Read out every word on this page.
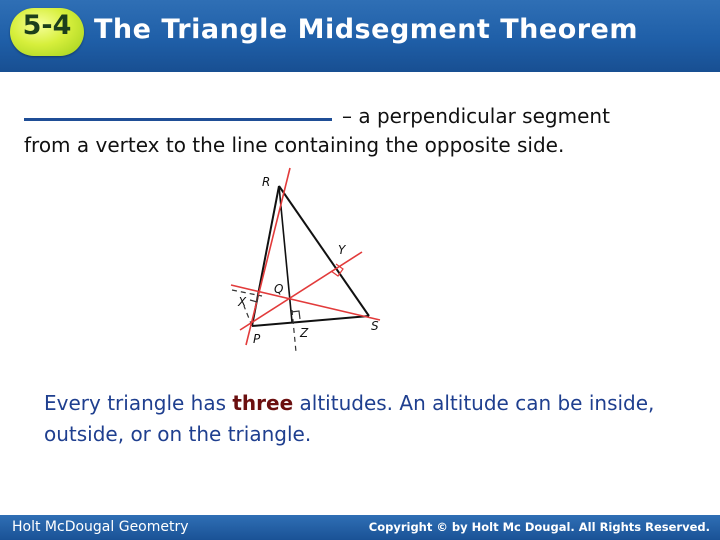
5-4 The Triangle Midsegment Theorem
– a perpendicular segment
from a vertex to the line containing the opposite side.
R
Y
Q
X
P	Z	S
Every triangle has three altitudes. An altitude can be inside, outside, or on the triangle.
Holt McDougal Geometry	Copyright © by Holt Mc Dougal. All Rights Reserved.
